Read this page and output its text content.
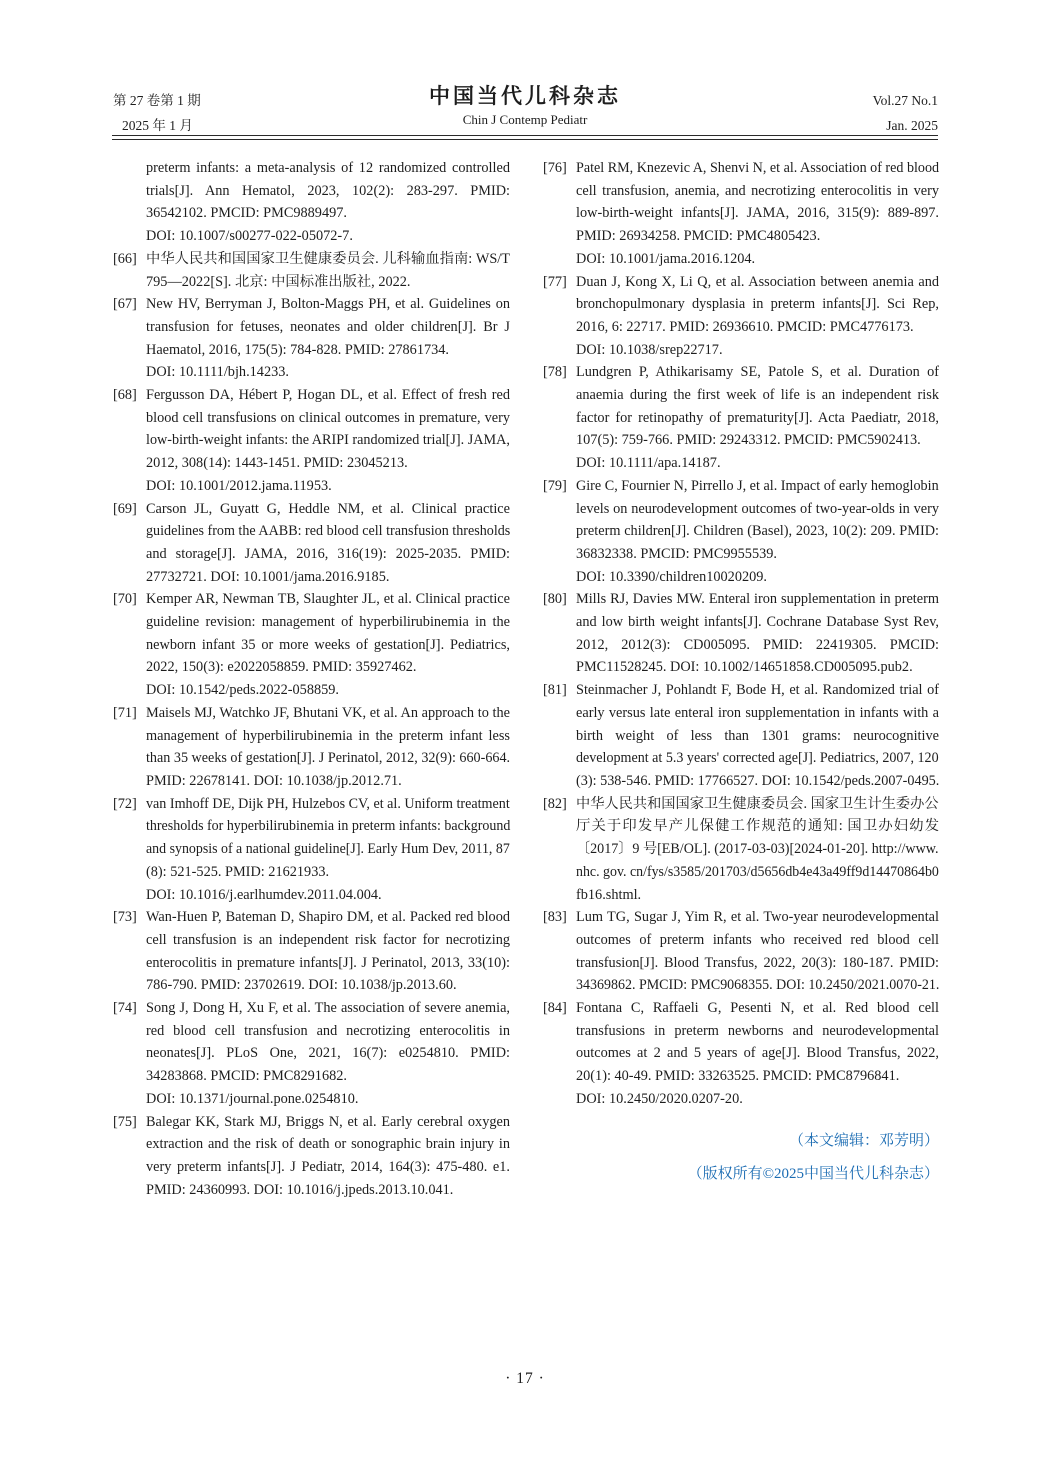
第 27 卷第 1 期
2025 年 1 月
中国当代儿科杂志
Chin J Contemp Pediatr
Vol.27 No.1
Jan. 2025
preterm infants: a meta-analysis of 12 randomized controlled
trials[J]. Ann Hematol, 2023, 102(2): 283-297. PMID:
36542102. PMCID: PMC9889497.
DOI: 10.1007/s00277-022-05072-7.
[66] 中华人民共和国国家卫生健康委员会. 儿科输血指南: WS/T
795—2022[S]. 北京: 中国标准出版社, 2022.
[67] New HV, Berryman J, Bolton-Maggs PH, et al. Guidelines on
transfusion for fetuses, neonates and older children[J]. Br J
Haematol, 2016, 175(5): 784-828. PMID: 27861734.
DOI: 10.1111/bjh.14233.
[68] Fergusson DA, Hébert P, Hogan DL, et al. Effect of fresh red
blood cell transfusions on clinical outcomes in premature, very
low-birth-weight infants: the ARIPI randomized trial[J]. JAMA,
2012, 308(14): 1443-1451. PMID: 23045213.
DOI: 10.1001/2012.jama.11953.
[69] Carson JL, Guyatt G, Heddle NM, et al. Clinical practice
guidelines from the AABB: red blood cell transfusion thresholds
and storage[J]. JAMA, 2016, 316(19): 2025-2035. PMID:
27732721. DOI: 10.1001/jama.2016.9185.
[70] Kemper AR, Newman TB, Slaughter JL, et al. Clinical practice
guideline revision: management of hyperbilirubinemia in the
newborn infant 35 or more weeks of gestation[J]. Pediatrics,
2022, 150(3): e2022058859. PMID: 35927462.
DOI: 10.1542/peds.2022-058859.
[71] Maisels MJ, Watchko JF, Bhutani VK, et al. An approach to the
management of hyperbilirubinemia in the preterm infant less
than 35 weeks of gestation[J]. J Perinatol, 2012, 32(9): 660-664.
PMID: 22678141. DOI: 10.1038/jp.2012.71.
[72] van Imhoff DE, Dijk PH, Hulzebos CV, et al. Uniform treatment
thresholds for hyperbilirubinemia in preterm infants: background
and synopsis of a national guideline[J]. Early Hum Dev, 2011, 87
(8): 521-525. PMID: 21621933.
DOI: 10.1016/j.earlhumdev.2011.04.004.
[73] Wan-Huen P, Bateman D, Shapiro DM, et al. Packed red blood
cell transfusion is an independent risk factor for necrotizing
enterocolitis in premature infants[J]. J Perinatol, 2013, 33(10):
786-790. PMID: 23702619. DOI: 10.1038/jp.2013.60.
[74] Song J, Dong H, Xu F, et al. The association of severe anemia,
red blood cell transfusion and necrotizing enterocolitis in
neonates[J]. PLoS One, 2021, 16(7): e0254810. PMID:
34283868. PMCID: PMC8291682.
DOI: 10.1371/journal.pone.0254810.
[75] Balegar KK, Stark MJ, Briggs N, et al. Early cerebral oxygen
extraction and the risk of death or sonographic brain injury in
very preterm infants[J]. J Pediatr, 2014, 164(3): 475-480. e1.
PMID: 24360993. DOI: 10.1016/j.jpeds.2013.10.041.
[76] Patel RM, Knezevic A, Shenvi N, et al. Association of red blood
cell transfusion, anemia, and necrotizing enterocolitis in very
low-birth-weight infants[J]. JAMA, 2016, 315(9): 889-897.
PMID: 26934258. PMCID: PMC4805423.
DOI: 10.1001/jama.2016.1204.
[77] Duan J, Kong X, Li Q, et al. Association between anemia and
bronchopulmonary dysplasia in preterm infants[J]. Sci Rep,
2016, 6: 22717. PMID: 26936610. PMCID: PMC4776173.
DOI: 10.1038/srep22717.
[78] Lundgren P, Athikarisamy SE, Patole S, et al. Duration of
anaemia during the first week of life is an independent risk
factor for retinopathy of prematurity[J]. Acta Paediatr, 2018,
107(5): 759-766. PMID: 29243312. PMCID: PMC5902413.
DOI: 10.1111/apa.14187.
[79] Gire C, Fournier N, Pirrello J, et al. Impact of early hemoglobin
levels on neurodevelopment outcomes of two-year-olds in very
preterm children[J]. Children (Basel), 2023, 10(2): 209. PMID:
36832338. PMCID: PMC9955539.
DOI: 10.3390/children10020209.
[80] Mills RJ, Davies MW. Enteral iron supplementation in preterm
and low birth weight infants[J]. Cochrane Database Syst Rev,
2012, 2012(3): CD005095. PMID: 22419305. PMCID:
PMC11528245. DOI: 10.1002/14651858.CD005095.pub2.
[81] Steinmacher J, Pohlandt F, Bode H, et al. Randomized trial of
early versus late enteral iron supplementation in infants with a
birth weight of less than 1301 grams: neurocognitive
development at 5.3 years' corrected age[J]. Pediatrics, 2007, 120
(3): 538-546. PMID: 17766527. DOI: 10.1542/peds.2007-0495.
[82] 中华人民共和国国家卫生健康委员会. 国家卫生计生委办公
厅关于印发早产儿保健工作规范的通知: 国卫办妇幼发
〔2017〕9 号[EB/OL]. (2017-03-03)[2024-01-20]. http://www.
nhc. gov. cn/fys/s3585/201703/d5656db4e43a49ff9d14470864b0
fb16.shtml.
[83] Lum TG, Sugar J, Yim R, et al. Two-year neurodevelopmental
outcomes of preterm infants who received red blood cell
transfusion[J]. Blood Transfus, 2022, 20(3): 180-187. PMID:
34369862. PMCID: PMC9068355. DOI: 10.2450/2021.0070-21.
[84] Fontana C, Raffaeli G, Pesenti N, et al. Red blood cell
transfusions in preterm newborns and neurodevelopmental
outcomes at 2 and 5 years of age[J]. Blood Transfus, 2022,
20(1): 40-49. PMID: 33263525. PMCID: PMC8796841.
DOI: 10.2450/2020.0207-20.
（本文编辑：邓芳明）
（版权所有©2025中国当代儿科杂志）
· 17 ·
